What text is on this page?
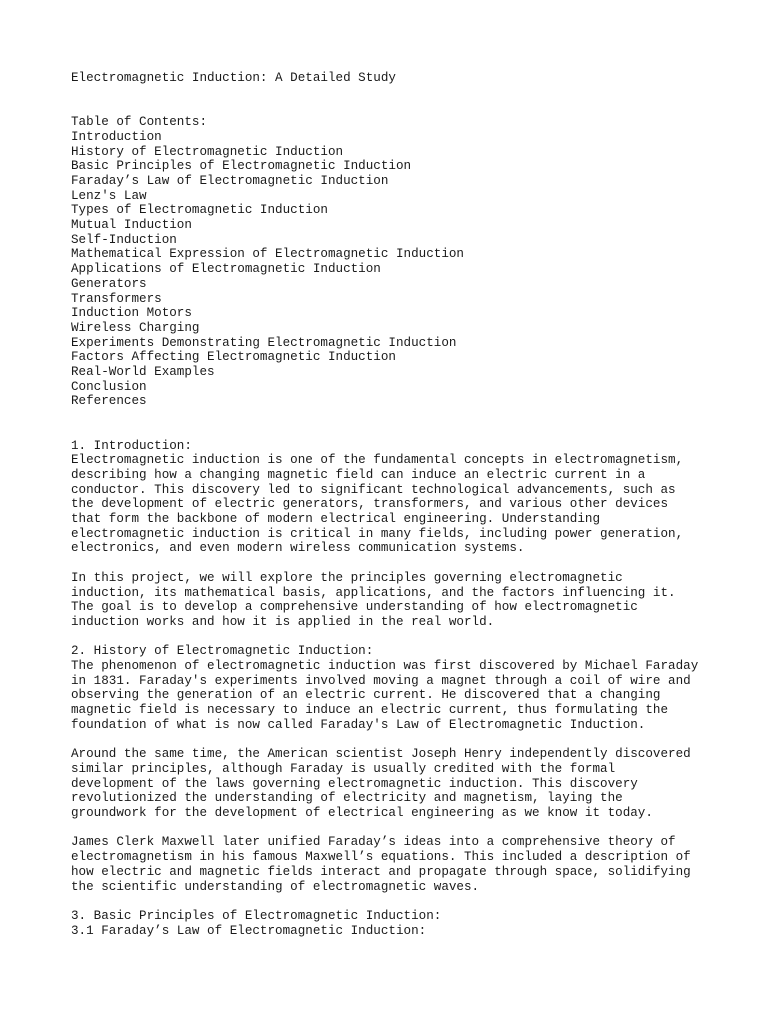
Electromagnetic Induction: A Detailed Study
Table of Contents:
Introduction
History of Electromagnetic Induction
Basic Principles of Electromagnetic Induction
Faraday’s Law of Electromagnetic Induction
Lenz's Law
Types of Electromagnetic Induction
Mutual Induction
Self-Induction
Mathematical Expression of Electromagnetic Induction
Applications of Electromagnetic Induction
Generators
Transformers
Induction Motors
Wireless Charging
Experiments Demonstrating Electromagnetic Induction
Factors Affecting Electromagnetic Induction
Real-World Examples
Conclusion
References
1. Introduction:
Electromagnetic induction is one of the fundamental concepts in electromagnetism,
describing how a changing magnetic field can induce an electric current in a
conductor. This discovery led to significant technological advancements, such as
the development of electric generators, transformers, and various other devices
that form the backbone of modern electrical engineering. Understanding
electromagnetic induction is critical in many fields, including power generation,
electronics, and even modern wireless communication systems.
In this project, we will explore the principles governing electromagnetic
induction, its mathematical basis, applications, and the factors influencing it.
The goal is to develop a comprehensive understanding of how electromagnetic
induction works and how it is applied in the real world.
2. History of Electromagnetic Induction:
The phenomenon of electromagnetic induction was first discovered by Michael Faraday
in 1831. Faraday's experiments involved moving a magnet through a coil of wire and
observing the generation of an electric current. He discovered that a changing
magnetic field is necessary to induce an electric current, thus formulating the
foundation of what is now called Faraday's Law of Electromagnetic Induction.
Around the same time, the American scientist Joseph Henry independently discovered
similar principles, although Faraday is usually credited with the formal
development of the laws governing electromagnetic induction. This discovery
revolutionized the understanding of electricity and magnetism, laying the
groundwork for the development of electrical engineering as we know it today.
James Clerk Maxwell later unified Faraday’s ideas into a comprehensive theory of
electromagnetism in his famous Maxwell’s equations. This included a description of
how electric and magnetic fields interact and propagate through space, solidifying
the scientific understanding of electromagnetic waves.
3. Basic Principles of Electromagnetic Induction:
3.1 Faraday’s Law of Electromagnetic Induction:
